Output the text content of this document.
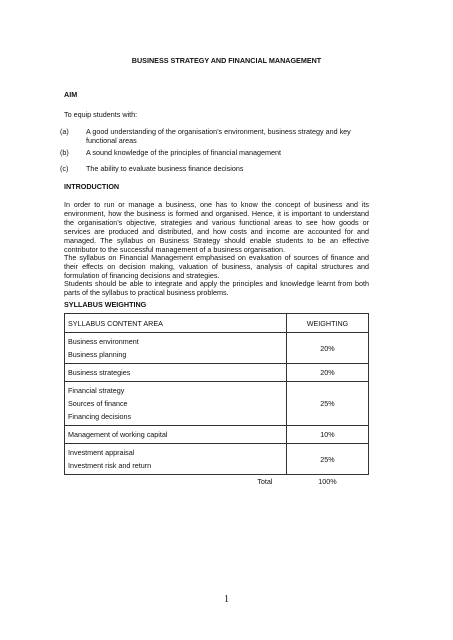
BUSINESS STRATEGY AND FINANCIAL MANAGEMENT
AIM
To equip students with:
(a) A good understanding of the organisation’s environment, business strategy and key functional areas
(b) A sound knowledge of the principles of financial management
(c) The ability to evaluate business finance decisions
INTRODUCTION
In order to run or manage a business, one has to know the concept of business and its environment, how the business is formed and organised. Hence, it is important to understand the organisation’s objective, strategies and various functional areas to see how goods or services are produced and distributed, and how costs and income are accounted for and managed. The syllabus on Business Strategy should enable students to be an effective contributor to the successful management of a business organisation.
The syllabus on Financial Management emphasised on evaluation of sources of finance and their effects on decision making, valuation of business, analysis of capital structures and formulation of financing decisions and strategies.
Students should be able to integrate and apply the principles and knowledge learnt from both parts of the syllabus to practical business problems.
SYLLABUS WEIGHTING
SYLLABUS CONTENT AREA	WEIGHTING

Business environment
Business planning	20%

Business strategies	20%

Financial strategy
Sources of finance
Financing decisions	25%

Management of working capital	10%

Investment appraisal
Investment risk and return	25%
Total	100%
1
